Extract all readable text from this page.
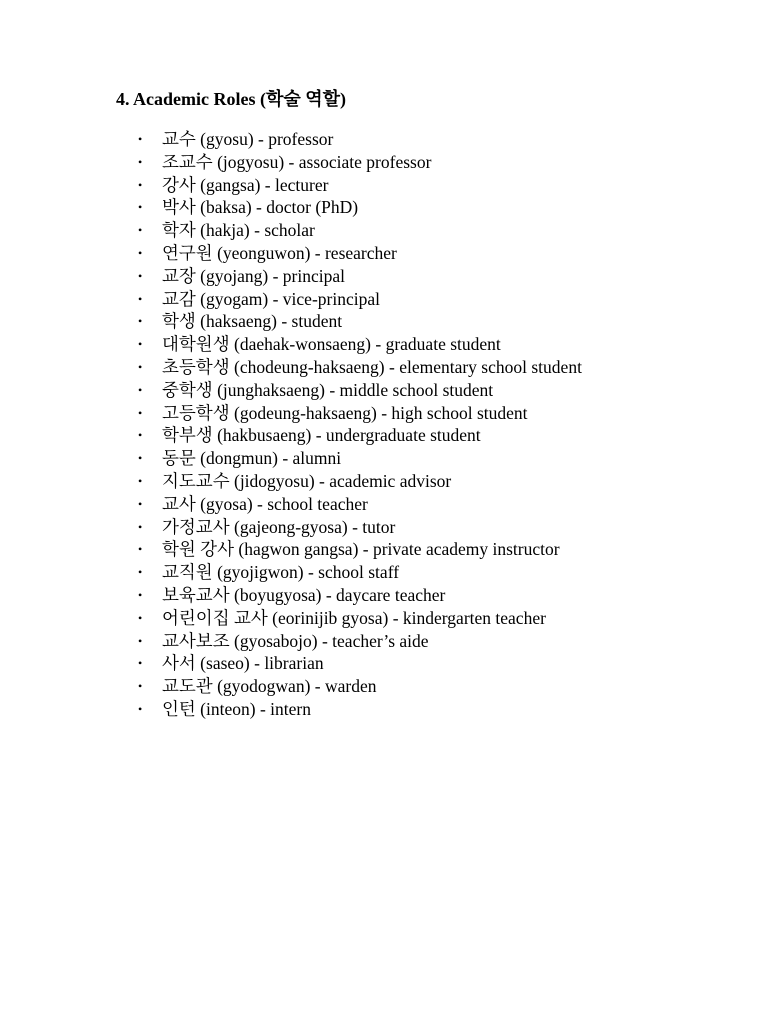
4. Academic Roles (학술 역할)
• 교수 (gyosu) - professor
• 조교수 (jogyosu) - associate professor
• 강사 (gangsa) - lecturer
• 박사 (baksa) - doctor (PhD)
• 학자 (hakja) - scholar
• 연구원 (yeonguwon) - researcher
• 교장 (gyojang) - principal
• 교감 (gyogam) - vice-principal
• 학생 (haksaeng) - student
• 대학원생 (daehak-wonsaeng) - graduate student
• 초등학생 (chodeung-haksaeng) - elementary school student
• 중학생 (junghaksaeng) - middle school student
• 고등학생 (godeung-haksaeng) - high school student
• 학부생 (hakbusaeng) - undergraduate student
• 동문 (dongmun) - alumni
• 지도교수 (jidogyosu) - academic advisor
• 교사 (gyosa) - school teacher
• 가정교사 (gajeong-gyosa) - tutor
• 학원 강사 (hagwon gangsa) - private academy instructor
• 교직원 (gyojigwon) - school staff
• 보육교사 (boyugyosa) - daycare teacher
• 어린이집 교사 (eorinijib gyosa) - kindergarten teacher
• 교사보조 (gyosabojo) - teacher’s aide
• 사서 (saseo) - librarian
• 교도관 (gyodogwan) - warden
• 인턴 (inteon) - intern
